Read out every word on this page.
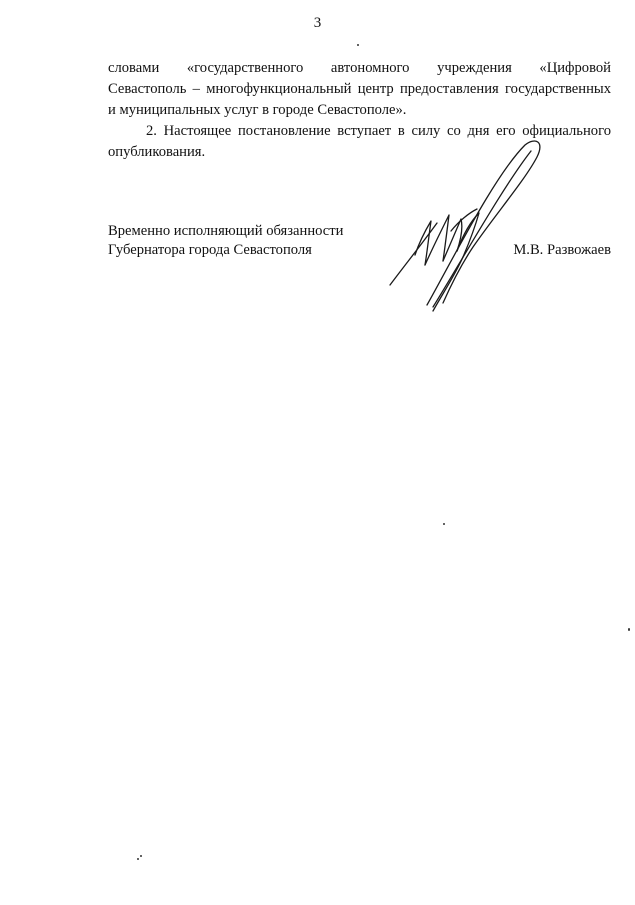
3

словами «государственного автономного учреждения «Цифровой
Севастополь – многофункциональный центр предоставления государственных
и муниципальных услуг в городе Севастополе».

2. Настоящее постановление вступает в силу со дня его официального
опубликования.

Временно исполняющий обязанности
Губернатора города Севастополя	М.В. Развожаев
